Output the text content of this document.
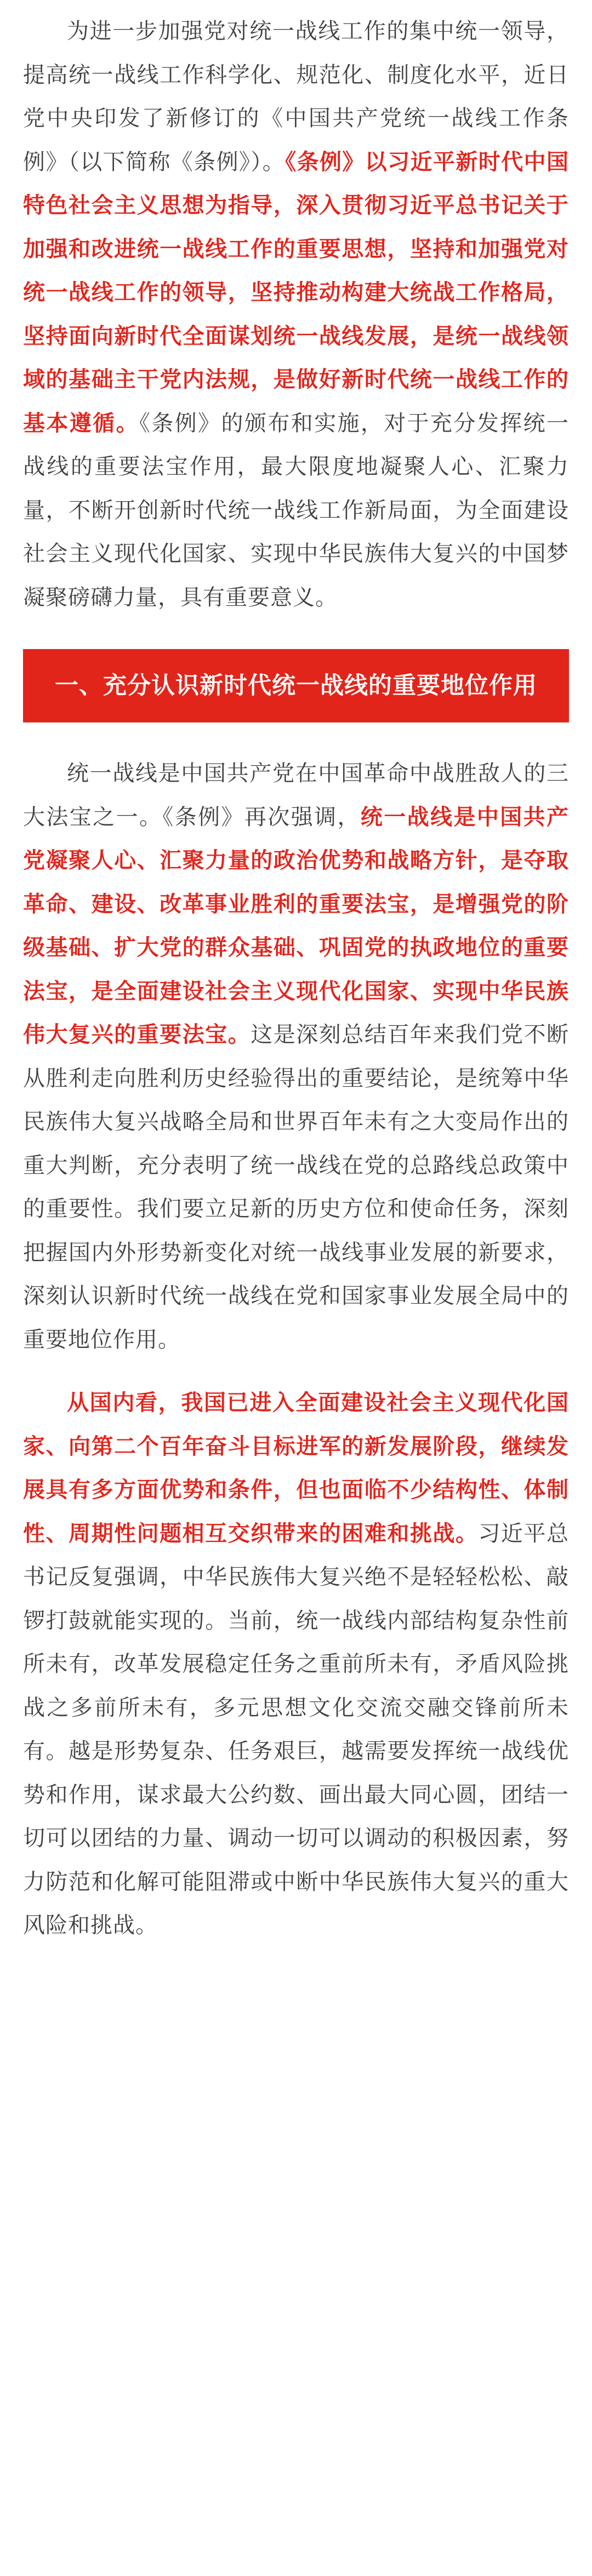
为进一步加强党对统一战线工作的集中统一领导，提高统一战线工作科学化、规范化、制度化水平，近日党中央印发了新修订的《中国共产党统一战线工作条例》（以下简称《条例》）。《条例》以习近平新时代中国特色社会主义思想为指导，深入贯彻习近平总书记关于加强和改进统一战线工作的重要思想，坚持和加强党对统一战线工作的领导，坚持推动构建大统战工作格局，坚持面向新时代全面谋划统一战线发展，是统一战线领域的基础主干党内法规，是做好新时代统一战线工作的基本遵循。《条例》的颁布和实施，对于充分发挥统一战线的重要法宝作用，最大限度地凝聚人心、汇聚力量，不断开创新时代统一战线工作新局面，为全面建设社会主义现代化国家、实现中华民族伟大复兴的中国梦凝聚磅礴力量，具有重要意义。

一、充分认识新时代统一战线的重要地位作用

统一战线是中国共产党在中国革命中战胜敌人的三大法宝之一。《条例》再次强调，统一战线是中国共产党凝聚人心、汇聚力量的政治优势和战略方针，是夺取革命、建设、改革事业胜利的重要法宝，是增强党的阶级基础、扩大党的群众基础、巩固党的执政地位的重要法宝，是全面建设社会主义现代化国家、实现中华民族伟大复兴的重要法宝。这是深刻总结百年来我们党不断从胜利走向胜利历史经验得出的重要结论，是统筹中华民族伟大复兴战略全局和世界百年未有之大变局作出的重大判断，充分表明了统一战线在党的总路线总政策中的重要性。我们要立足新的历史方位和使命任务，深刻把握国内外形势新变化对统一战线事业发展的新要求，深刻认识新时代统一战线在党和国家事业发展全局中的重要地位作用。

从国内看，我国已进入全面建设社会主义现代化国家、向第二个百年奋斗目标进军的新发展阶段，继续发展具有多方面优势和条件，但也面临不少结构性、体制性、周期性问题相互交织带来的困难和挑战。习近平总书记反复强调，中华民族伟大复兴绝不是轻轻松松、敲锣打鼓就能实现的。当前，统一战线内部结构复杂性前所未有，改革发展稳定任务之重前所未有，矛盾风险挑战之多前所未有，多元思想文化交流交融交锋前所未有。越是形势复杂、任务艰巨，越需要发挥统一战线优势和作用，谋求最大公约数、画出最大同心圆，团结一切可以团结的力量、调动一切可以调动的积极因素，努力防范和化解可能阻滞或中断中华民族伟大复兴的重大风险和挑战。
